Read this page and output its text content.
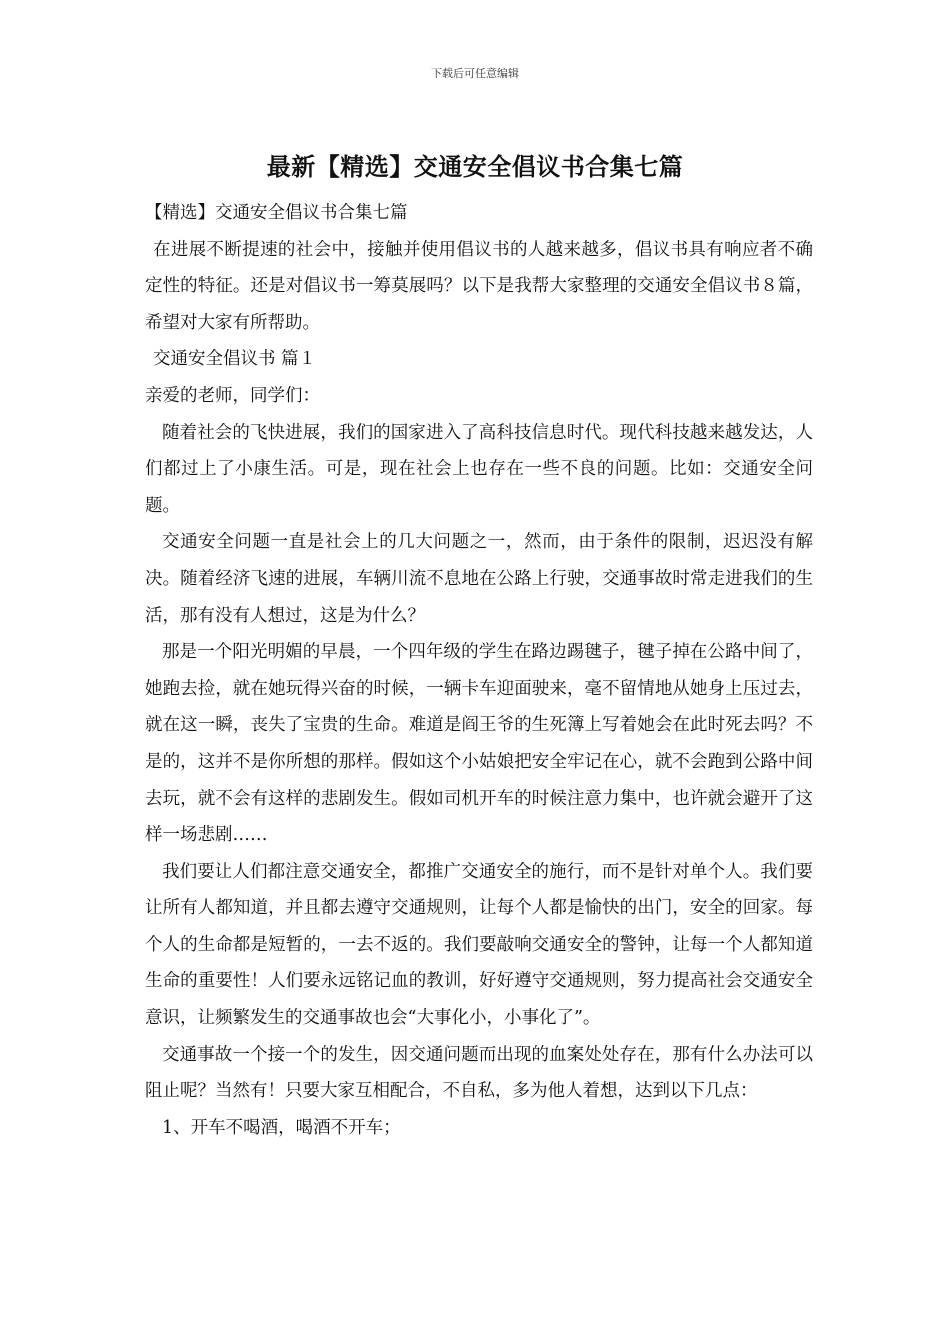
下载后可任意编辑
最新【精选】交通安全倡议书合集七篇

【精选】交通安全倡议书合集七篇

在进展不断提速的社会中，接触并使用倡议书的人越来越多，倡议书具有响应者不确定性的特征。还是对倡议书一筹莫展吗？以下是我帮大家整理的交通安全倡议书８篇，希望对大家有所帮助。

交通安全倡议书 篇１

亲爱的老师，同学们：

随着社会的飞快进展，我们的国家进入了高科技信息时代。现代科技越来越发达，人们都过上了小康生活。可是，现在社会上也存在一些不良的问题。比如：交通安全问题。

交通安全问题一直是社会上的几大问题之一，然而，由于条件的限制，迟迟没有解决。随着经济飞速的进展，车辆川流不息地在公路上行驶，交通事故时常走进我们的生活，那有没有人想过，这是为什么？

那是一个阳光明媚的早晨，一个四年级的学生在路边踢毽子，毽子掉在公路中间了，她跑去捡，就在她玩得兴奋的时候，一辆卡车迎面驶来，毫不留情地从她身上压过去，就在这一瞬，丧失了宝贵的生命。难道是阎王爷的生死簿上写着她会在此时死去吗？不是的，这并不是你所想的那样。假如这个小姑娘把安全牢记在心，就不会跑到公路中间去玩，就不会有这样的悲剧发生。假如司机开车的时候注意力集中，也许就会避开了这样一场悲剧……

我们要让人们都注意交通安全，都推广交通安全的施行，而不是针对单个人。我们要让所有人都知道，并且都去遵守交通规则，让每个人都是愉快的出门，安全的回家。每个人的生命都是短暂的，一去不返的。我们要敲响交通安全的警钟，让每一个人都知道生命的重要性！人们要永远铭记血的教训，好好遵守交通规则，努力提高社会交通安全意识，让频繁发生的交通事故也会“大事化小，小事化了”。

交通事故一个接一个的发生，因交通问题而出现的血案处处存在，那有什么办法可以阻止呢？当然有！只要大家互相配合，不自私，多为他人着想，达到以下几点：

1、开车不喝酒，喝酒不开车；
